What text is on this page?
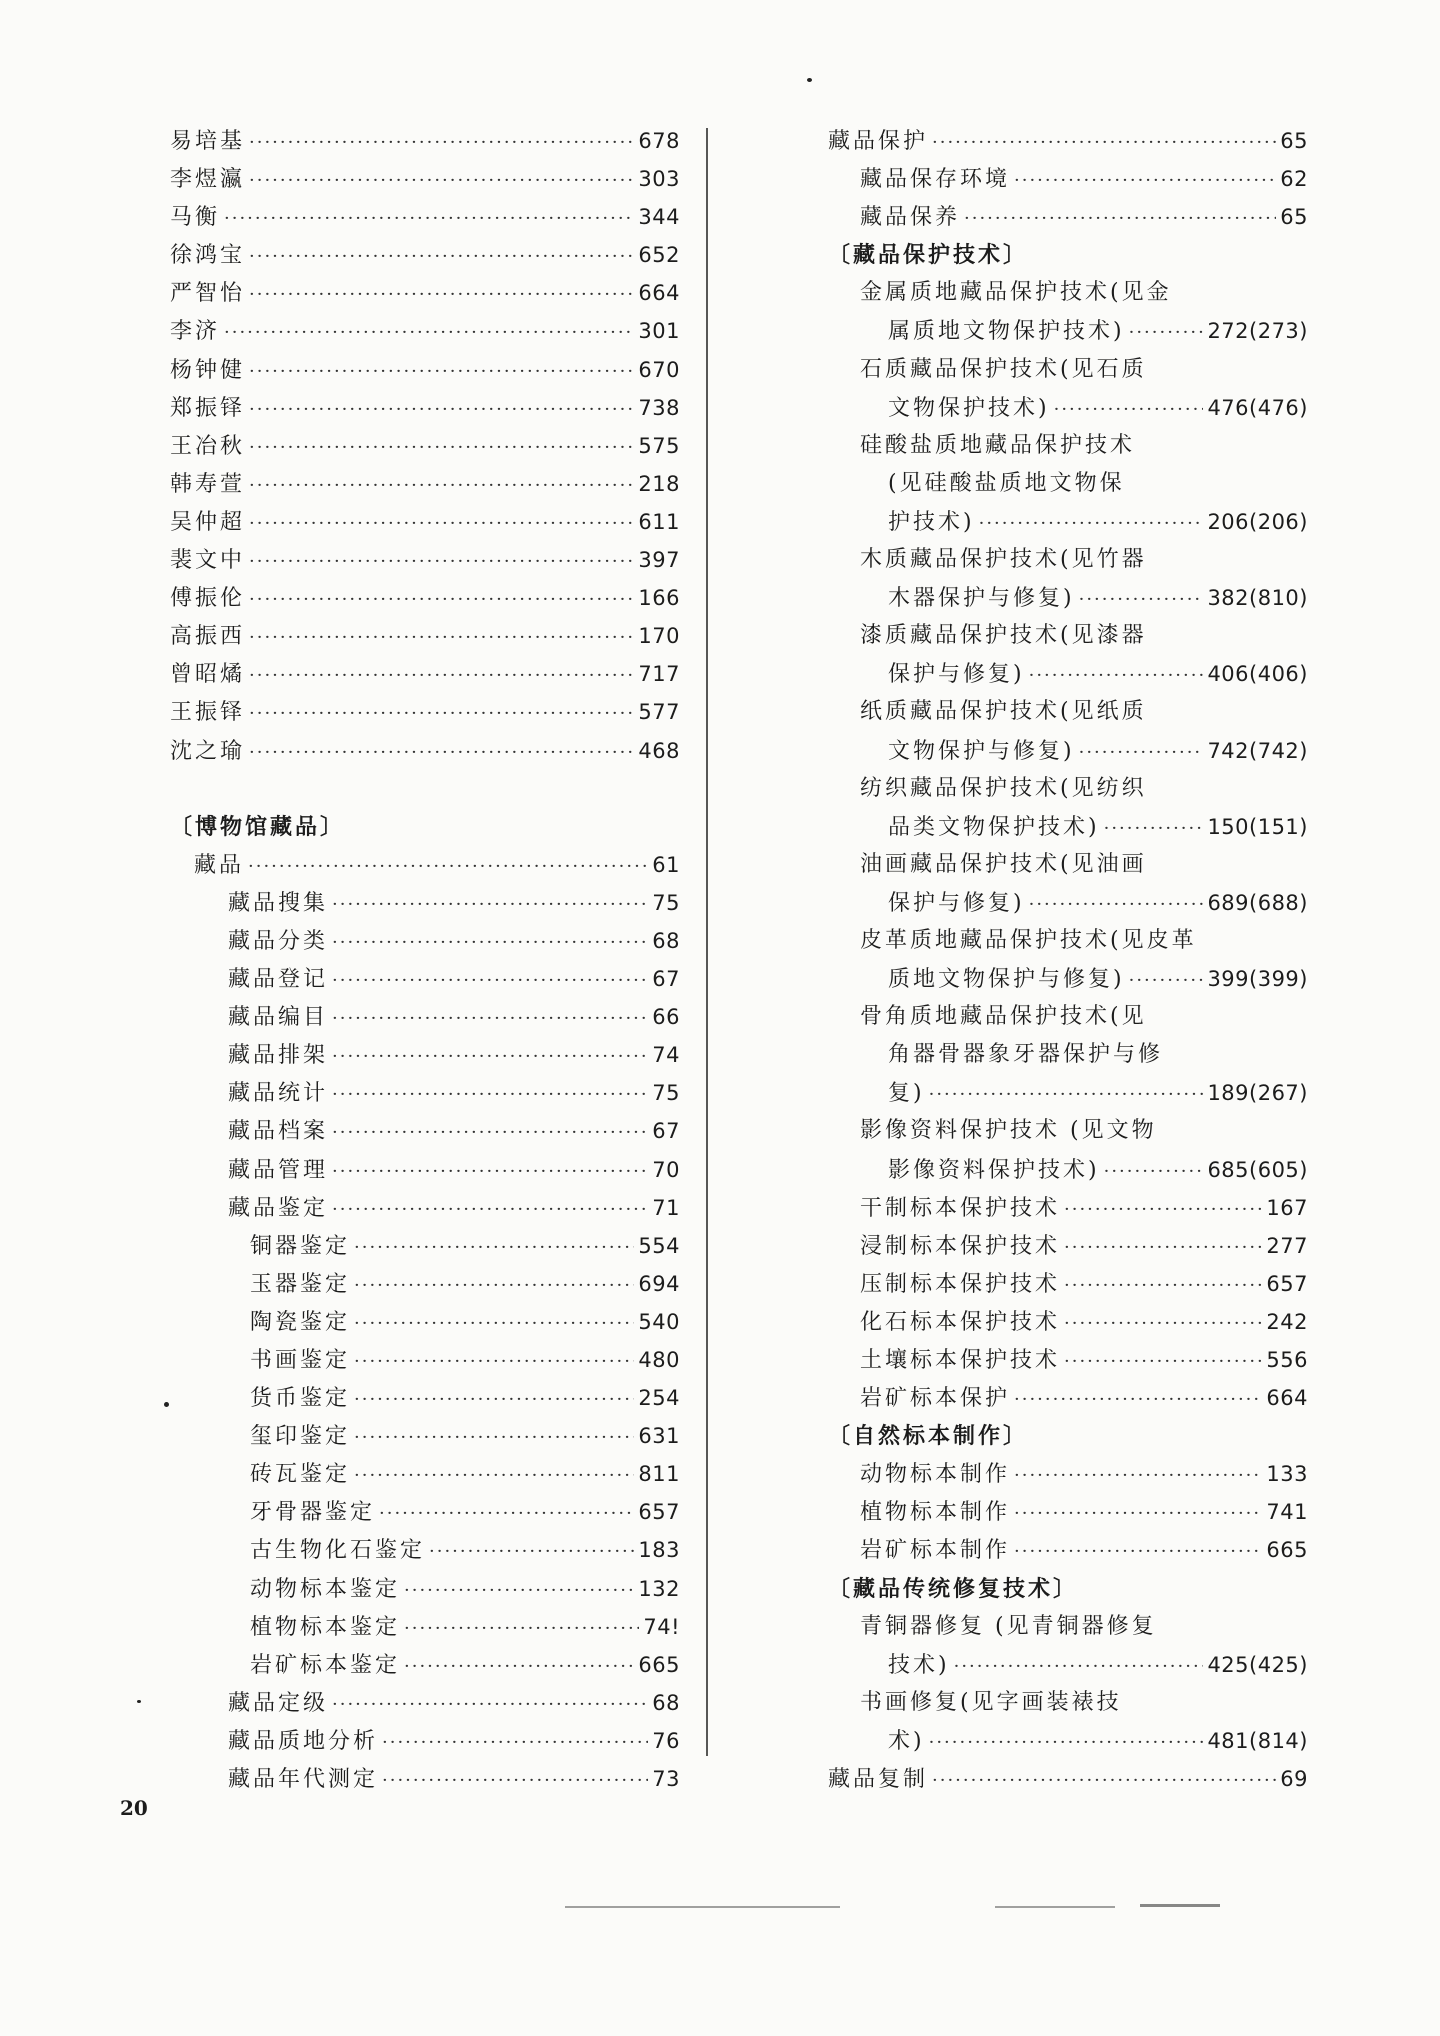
易培基 ·····	678
李煜瀛 ·····	303
马衡 ·····	344
徐鸿宝 ·····	652
严智怡 ·····	664
李济 ·····	301
杨钟健 ·····	670
郑振铎 ·····	738
王冶秋 ·····	575
韩寿萱 ·····	218
吴仲超 ·····	611
裴文中 ·····	397
傅振伦 ·····	166
高振西 ·····	170
曾昭燏 ·····	717
王振铎 ·····	577
沈之瑜 ·····	468
〔博物馆藏品〕
藏品 ·····	61
藏品搜集 ·····	75
藏品分类 ·····	68
藏品登记 ·····	67
藏品编目 ·····	66
藏品排架 ·····	74
藏品统计 ·····	75
藏品档案 ·····	67
藏品管理 ·····	70
藏品鉴定 ·····	71
铜器鉴定 ·····	554
玉器鉴定 ·····	694
陶瓷鉴定 ·····	540
书画鉴定 ·····	480
货币鉴定 ·····	254
玺印鉴定 ·····	631
砖瓦鉴定 ·····	811
牙骨器鉴定 ·····	657
古生物化石鉴定 ·····	183
动物标本鉴定 ·····	132
植物标本鉴定 ·····	74!
岩矿标本鉴定 ·····	665
藏品定级 ·····	68
藏品质地分析 ·····	76
藏品年代测定 ·····	73
藏品保护 ·····	65
藏品保存环境 ·····	62
藏品保养 ·····	65
〔藏品保护技术〕
金属质地藏品保护技术(见金
属质地文物保护技术) ·····	272(273)
石质藏品保护技术(见石质
文物保护技术) ·····	476(476)
硅酸盐质地藏品保护技术
(见硅酸盐质地文物保
护技术) ·····	206(206)
木质藏品保护技术(见竹器
木器保护与修复) ·····	382(810)
漆质藏品保护技术(见漆器
保护与修复) ·····	406(406)
纸质藏品保护技术(见纸质
文物保护与修复) ·····	742(742)
纺织藏品保护技术(见纺织
品类文物保护技术) ·····	150(151)
油画藏品保护技术(见油画
保护与修复) ·····	689(688)
皮革质地藏品保护技术(见皮革
质地文物保护与修复) ·····	399(399)
骨角质地藏品保护技术(见
角器骨器象牙器保护与修
复) ·····	189(267)
影像资料保护技术 (见文物
影像资料保护技术) ·····	685(605)
干制标本保护技术 ·····	167
浸制标本保护技术 ·····	277
压制标本保护技术 ·····	657
化石标本保护技术 ·····	242
土壤标本保护技术 ·····	556
岩矿标本保护 ·····	664
〔自然标本制作〕
动物标本制作 ·····	133
植物标本制作 ·····	741
岩矿标本制作 ·····	665
〔藏品传统修复技术〕
青铜器修复 (见青铜器修复
技术) ·····	425(425)
书画修复(见字画装裱技
术) ·····	481(814)
藏品复制 ·····	69
20
